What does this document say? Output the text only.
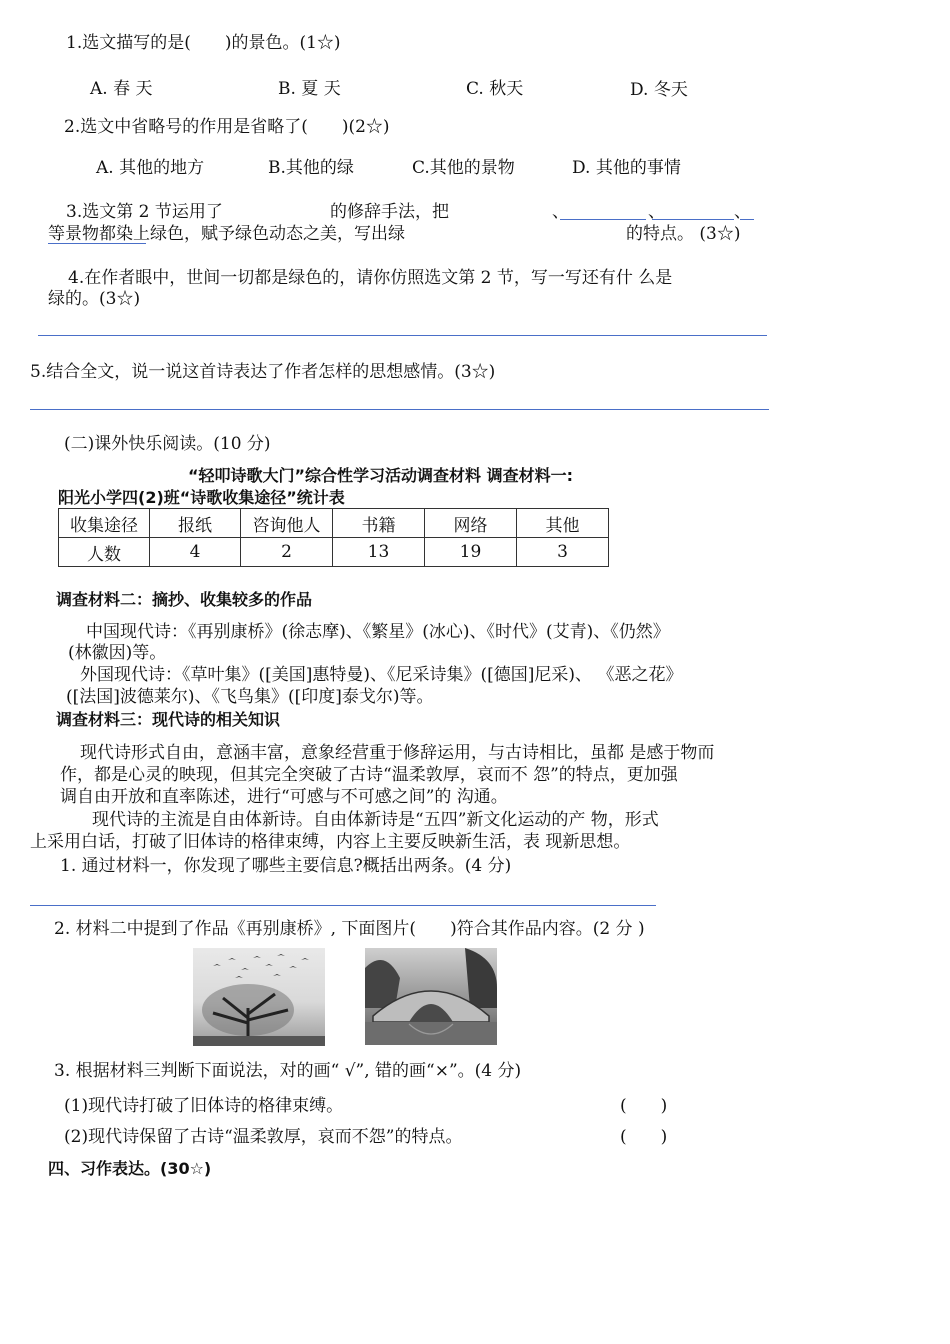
1.选文描写的是(　　)的景色。(1☆)
A. 春 天	B. 夏 天	C. 秋天	D. 冬天
2.选文中省略号的作用是省略了(　　)(2☆)
A. 其他的地方	B.其他的绿	C.其他的景物	D. 其他的事情
3.选文第 2 节运用了	的修辞手法，把	、	、	、
等景物都染上绿色，赋予绿色动态之美，写出绿	的特点。 (3☆)
4.在作者眼中，世间一切都是绿色的，请你仿照选文第 2 节，写一写还有什 么是
绿的。(3☆)
5.结合全文，说一说这首诗表达了作者怎样的思想感情。(3☆)
(二)课外快乐阅读。(10 分)
“轻叩诗歌大门”综合性学习活动调查材料 调查材料一:
阳光小学四(2)班“诗歌收集途径”统计表
收集途径	报纸	咨询他人	书籍	网络	其他
人数	4	2	13	19	3
调查材料二：摘抄、收集较多的作品
中国现代诗：《再别康桥》(徐志摩)、《繁星》(冰心)、《时代》(艾青)、《仍然》
(林徽因)等。
外国现代诗：《草叶集》([美国]惠特曼)、《尼采诗集》([德国]尼采)、 《恶之花》
([法国]波德莱尔)、《飞鸟集》([印度]泰戈尔)等。
调查材料三：现代诗的相关知识
现代诗形式自由，意涵丰富，意象经营重于修辞运用，与古诗相比，虽都 是感于物而
作，都是心灵的映现，但其完全突破了古诗“温柔敦厚，哀而不 怨”的特点，更加强
调自由开放和直率陈述，进行“可感与不可感之间”的 沟通。
现代诗的主流是自由体新诗。自由体新诗是“五四”新文化运动的产 物，形式
上采用白话，打破了旧体诗的格律束缚，内容上主要反映新生活，表 现新思想。
1. 通过材料一，你发现了哪些主要信息?概括出两条。(4 分)
2. 材料二中提到了作品《再别康桥》, 下面图片(　　)符合其作品内容。(2 分 )
3. 根据材料三判断下面说法，对的画“ √”, 错的画“×”。(4 分)
(1)现代诗打破了旧体诗的格律束缚。	(　　)
(2)现代诗保留了古诗“温柔敦厚，哀而不怨”的特点。	(　　)
四、习作表达。(30☆)
